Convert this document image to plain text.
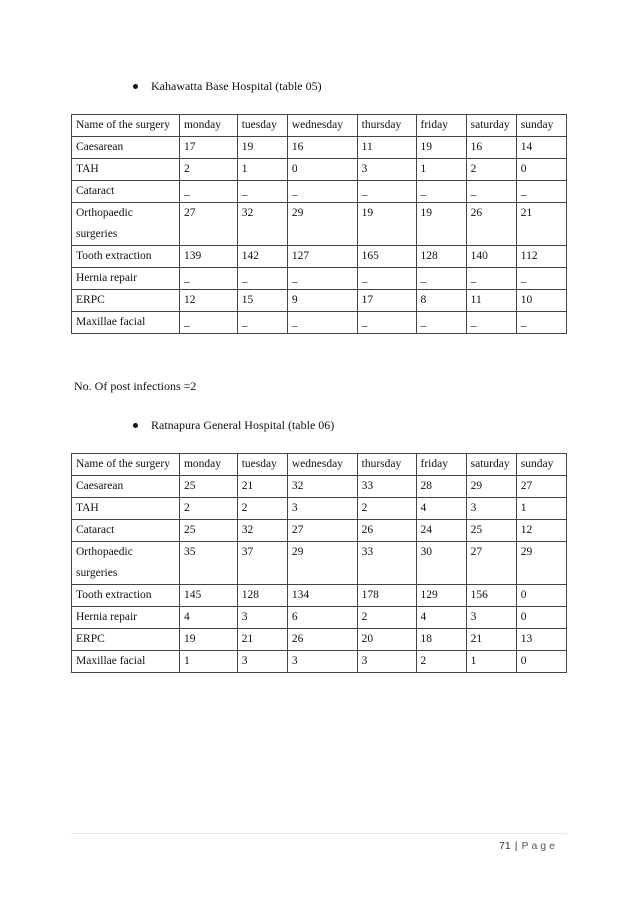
Kahawatta Base Hospital (table 05)
Name of the surgery	monday	tuesday	wednesday	thursday	friday	saturday	sunday
Caesarean	17	19	16	11	19	16	14
TAH	2	1	0	3	1	2	0
Cataract	_	_	_	_	_	_	_
Orthopaedic surgeries	27	32	29	19	19	26	21
Tooth extraction	139	142	127	165	128	140	112
Hernia repair	_	_	_	_	_	_	_
ERPC	12	15	9	17	8	11	10
Maxillae facial	_	_	_	_	_	_	_
No. Of post infections =2
Ratnapura General Hospital (table 06)
Name of the surgery	monday	tuesday	wednesday	thursday	friday	saturday	sunday
Caesarean	25	21	32	33	28	29	27
TAH	2	2	3	2	4	3	1
Cataract	25	32	27	26	24	25	12
Orthopaedic surgeries	35	37	29	33	30	27	29
Tooth extraction	145	128	134	178	129	156	0
Hernia repair	4	3	6	2	4	3	0
ERPC	19	21	26	20	18	21	13
Maxillae facial	1	3	3	3	2	1	0
71 | Page
